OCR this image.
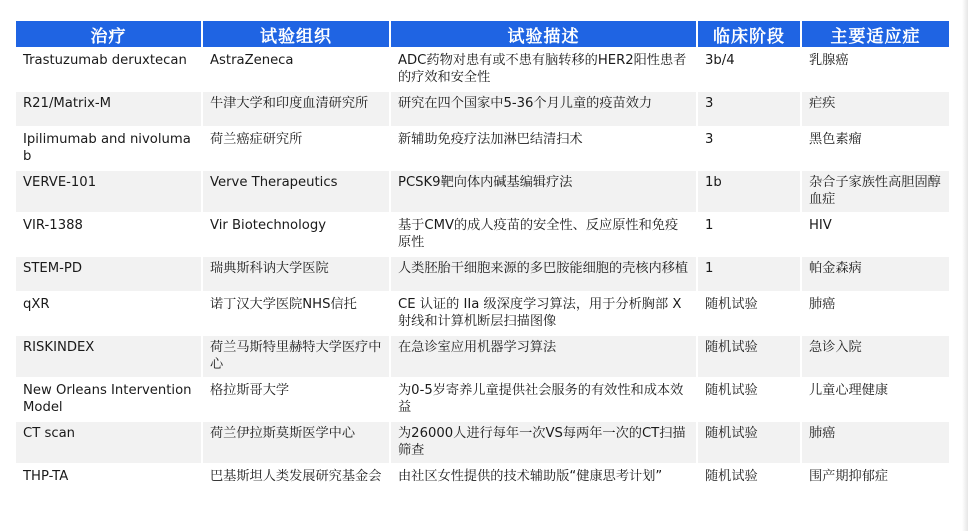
治疗	试验组织	试验描述	临床阶段	主要适应症
Trastuzumab deruxtecan	AstraZeneca	ADC药物对患有或不患有脑转移的HER2阳性患者的疗效和安全性	3b/4	乳腺癌
R21/Matrix-M	牛津大学和印度血清研究所	研究在四个国家中5-36个月儿童的疫苗效力	3	疟疾
Ipilimumab and nivolumab	荷兰癌症研究所	新辅助免疫疗法加淋巴结清扫术	3	黑色素瘤
VERVE-101	Verve Therapeutics	PCSK9靶向体内碱基编辑疗法	1b	杂合子家族性高胆固醇血症
VIR-1388	Vir Biotechnology	基于CMV的成人疫苗的安全性、反应原性和免疫原性	1	HIV
STEM-PD	瑞典斯科讷大学医院	人类胚胎干细胞来源的多巴胺能细胞的壳核内移植	1	帕金森病
qXR	诺丁汉大学医院NHS信托	CE 认证的 IIa 级深度学习算法，用于分析胸部 X 射线和计算机断层扫描图像	随机试验	肺癌
RISKINDEX	荷兰马斯特里赫特大学医疗中心	在急诊室应用机器学习算法	随机试验	急诊入院
New Orleans Intervention Model	格拉斯哥大学	为0-5岁寄养儿童提供社会服务的有效性和成本效益	随机试验	儿童心理健康
CT scan	荷兰伊拉斯莫斯医学中心	为26000人进行每年一次VS每两年一次的CT扫描筛查	随机试验	肺癌
THP-TA	巴基斯坦人类发展研究基金会	由社区女性提供的技术辅助版“健康思考计划”	随机试验	围产期抑郁症
